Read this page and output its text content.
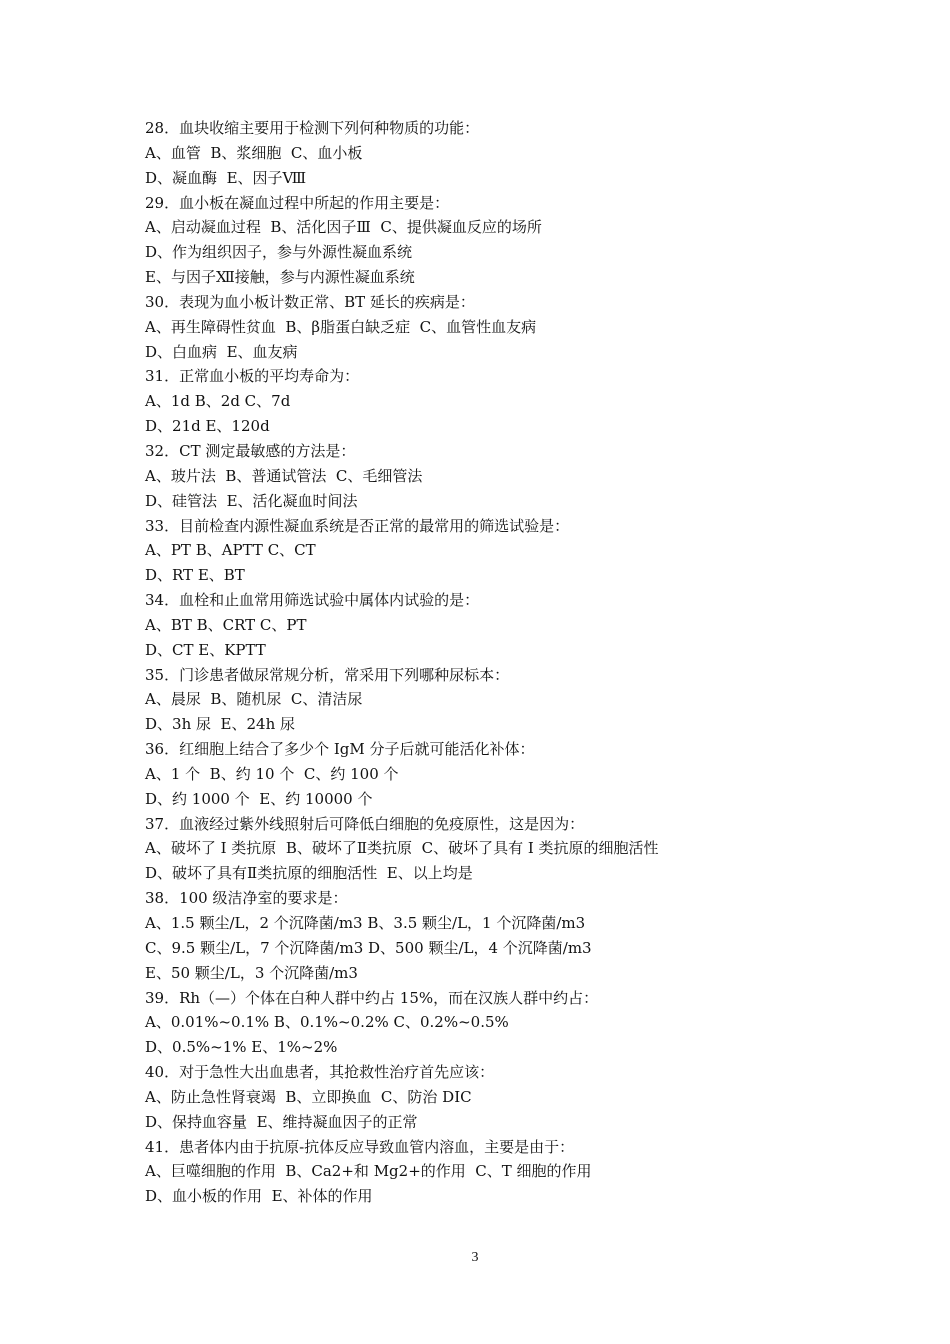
28．血块收缩主要用于检测下列何种物质的功能：
A、血管  B、浆细胞  C、血小板
D、凝血酶  E、因子Ⅷ
29．血小板在凝血过程中所起的作用主要是：
A、启动凝血过程  B、活化因子Ⅲ  C、提供凝血反应的场所
D、作为组织因子，参与外源性凝血系统
E、与因子Ⅻ接触，参与内源性凝血系统
30．表现为血小板计数正常、BT 延长的疾病是：
A、再生障碍性贫血  B、β脂蛋白缺乏症  C、血管性血友病
D、白血病  E、血友病
31．正常血小板的平均寿命为：
A、1d B、2d C、7d
D、21d E、120d
32．CT 测定最敏感的方法是：
A、玻片法  B、普通试管法  C、毛细管法
D、硅管法  E、活化凝血时间法
33．目前检查内源性凝血系统是否正常的最常用的筛选试验是：
A、PT B、APTT C、CT
D、RT E、BT
34．血栓和止血常用筛选试验中属体内试验的是：
A、BT B、CRT C、PT
D、CT E、KPTT
35．门诊患者做尿常规分析，常采用下列哪种尿标本：
A、晨尿  B、随机尿  C、清洁尿
D、3h 尿  E、24h 尿
36．红细胞上结合了多少个 IgM 分子后就可能活化补体：
A、1 个  B、约 10 个  C、约 100 个
D、约 1000 个  E、约 10000 个
37．血液经过紫外线照射后可降低白细胞的免疫原性，这是因为：
A、破坏了 I 类抗原  B、破坏了Ⅱ类抗原  C、破坏了具有 I 类抗原的细胞活性
D、破坏了具有Ⅱ类抗原的细胞活性  E、以上均是
38．100 级洁净室的要求是：
A、1.5 颗尘/L，2 个沉降菌/m3 B、3.5 颗尘/L，1 个沉降菌/m3
C、9.5 颗尘/L，7 个沉降菌/m3 D、500 颗尘/L，4 个沉降菌/m3
E、50 颗尘/L，3 个沉降菌/m3
39．Rh（—）个体在白种人群中约占 15%，而在汉族人群中约占：
A、0.01%~0.1% B、0.1%~0.2% C、0.2%~0.5%
D、0.5%~1% E、1%~2%
40．对于急性大出血患者，其抢救性治疗首先应该：
A、防止急性肾衰竭  B、立即换血  C、防治 DIC
D、保持血容量  E、维持凝血因子的正常
41．患者体内由于抗原-抗体反应导致血管内溶血，主要是由于：
A、巨噬细胞的作用  B、Ca2+和 Mg2+的作用  C、T 细胞的作用
D、血小板的作用  E、补体的作用
3
